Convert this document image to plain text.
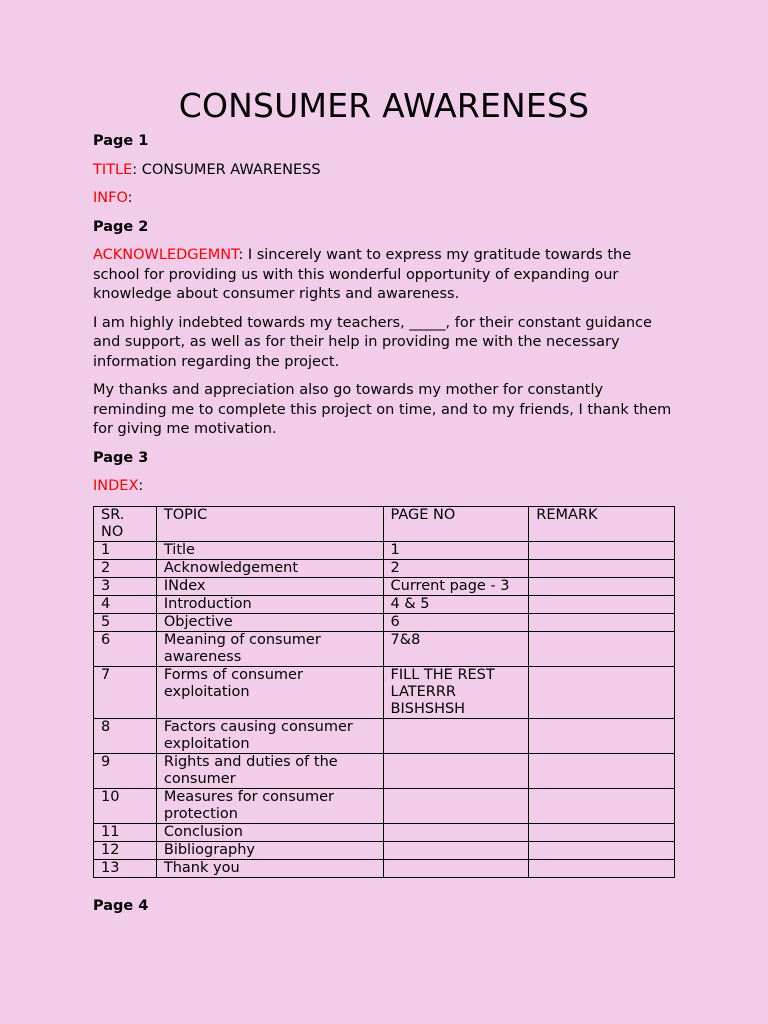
CONSUMER AWARENESS

Page 1

TITLE: CONSUMER AWARENESS

INFO:

Page 2

ACKNOWLEDGEMNT: I sincerely want to express my gratitude towards the school for providing us with this wonderful opportunity of expanding our knowledge about consumer rights and awareness.

I am highly indebted towards my teachers, _____, for their constant guidance and support, as well as for their help in providing me with the necessary information regarding the project.

My thanks and appreciation also go towards my mother for constantly reminding me to complete this project on time, and to my friends, I thank them for giving me motivation.

Page 3

INDEX:

SR.
NO	TOPIC	PAGE NO	REMARK
1	Title	1	
2	Acknowledgement	2	
3	INdex	Current page - 3	
4	Introduction	4 & 5	
5	Objective	6	
6	Meaning of consumer awareness	7&8	
7	Forms of consumer exploitation	FILL THE REST LATERRR BISHSHSH	
8	Factors causing consumer exploitation		
9	Rights and duties of the consumer		
10	Measures for consumer protection		
11	Conclusion		
12	Bibliography		
13	Thank you		

Page 4
